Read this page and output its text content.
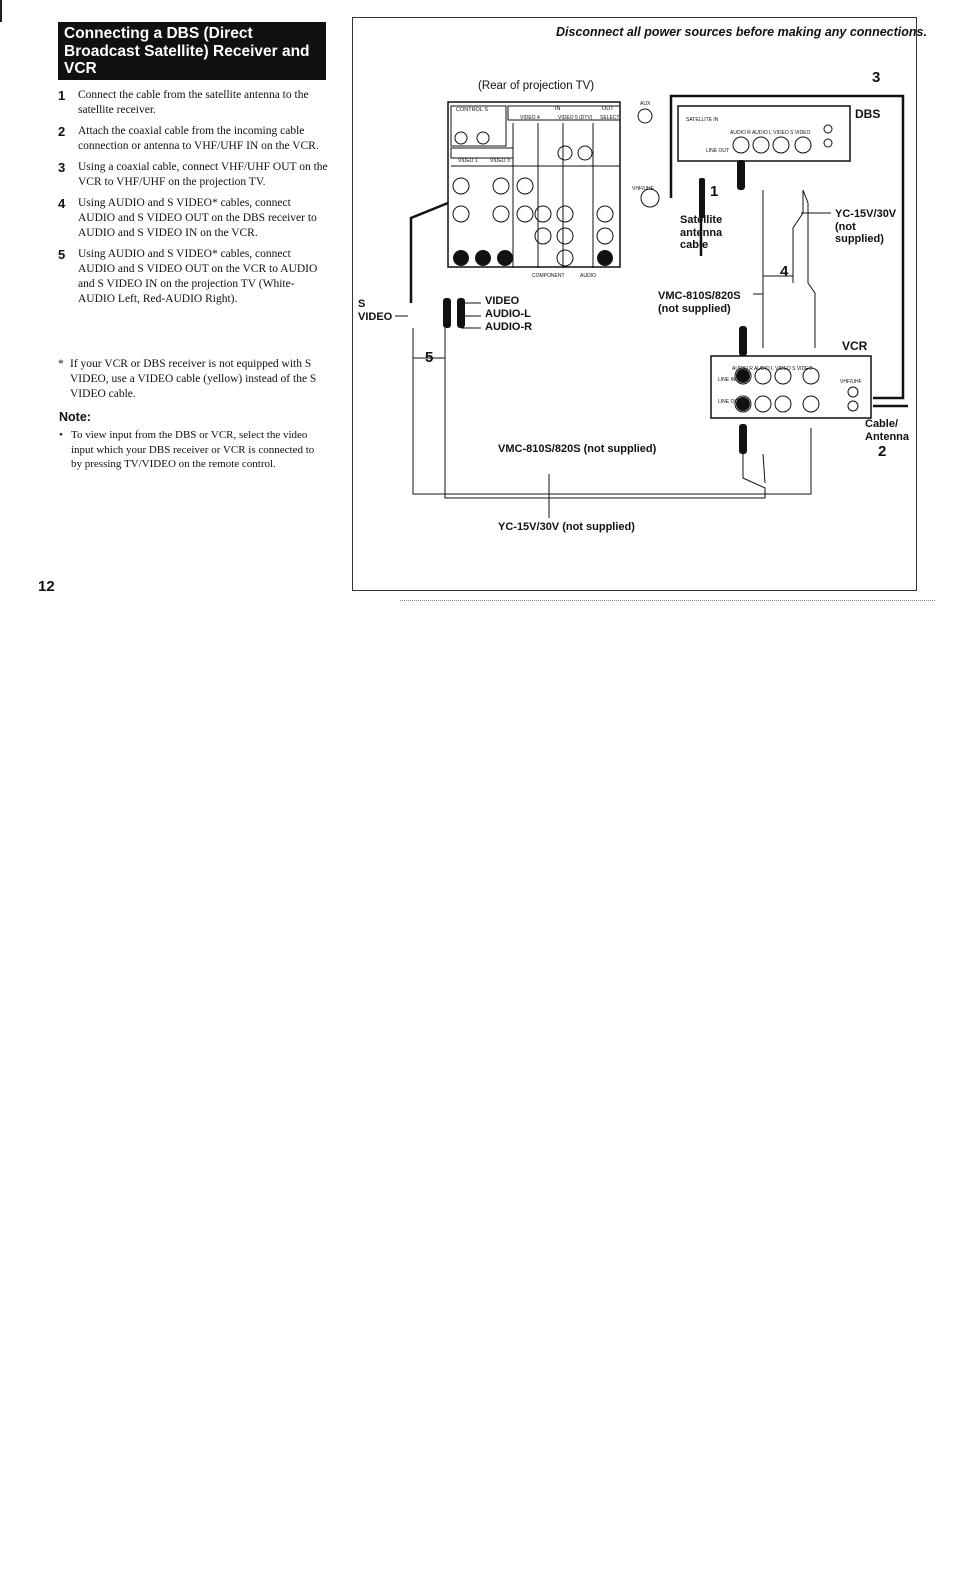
Connecting a DBS (Direct Broadcast Satellite) Receiver and VCR
1 Connect the cable from the satellite antenna to the satellite receiver.
2 Attach the coaxial cable from the incoming cable connection or antenna to VHF/UHF IN on the VCR.
3 Using a coaxial cable, connect VHF/UHF OUT on the VCR to VHF/UHF on the projection TV.
4 Using AUDIO and S VIDEO* cables, connect AUDIO and S VIDEO OUT on the DBS receiver to AUDIO and S VIDEO IN on the VCR.
5 Using AUDIO and S VIDEO* cables, connect AUDIO and S VIDEO OUT on the VCR to AUDIO and S VIDEO IN on the projection TV (White-AUDIO Left, Red-AUDIO Right).
* If your VCR or DBS receiver is not equipped with S VIDEO, use a VIDEO cable (yellow) instead of the S VIDEO cable.
Note:
• To view input from the DBS or VCR, select the video input which your DBS receiver or VCR is connected to by pressing TV/VIDEO on the remote control.
12
Disconnect all power sources before making any connections.
(Rear of projection TV)	3
DBS
1
Satellite antenna cable
YC-15V/30V (not supplied)
4
VMC-810S/820S (not supplied)
VCR
Cable/ Antenna
2
S VIDEO
VIDEO
AUDIO-L
AUDIO-R
5
VMC-810S/820S (not supplied)
YC-15V/30V (not supplied)
CONTROL S	IN	OUT
VIDEO 4	VIDEO 5 (DTV) SELECT
VIDEO 1 VIDEO 3
AUX
VHF/UHF
COMPONENT	AUDIO
SATELLITE IN
AUDIO R AUDIO L VIDEO S VIDEO
LINE OUT
LINE IN
LINE OUT
AUDIO R AUDIO L VIDEO S VIDEO
VHF/UHF
